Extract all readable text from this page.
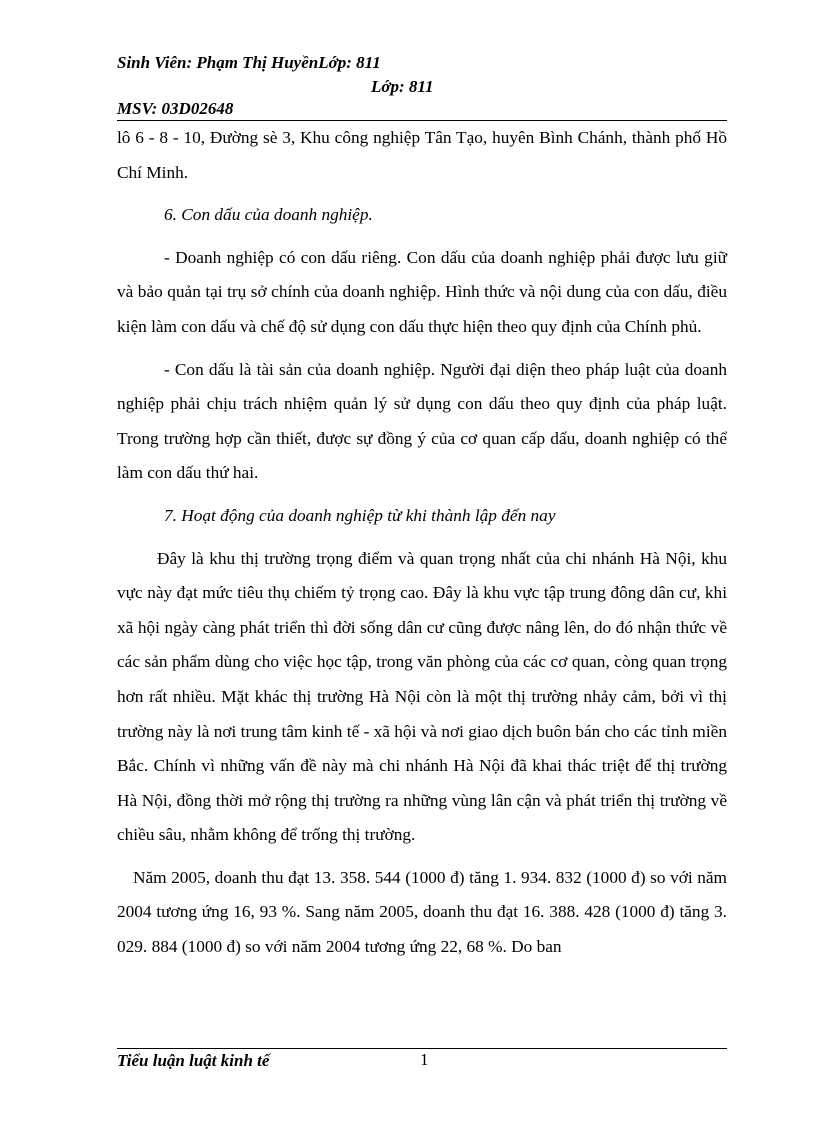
Sinh Viên: Phạm Thị HuyềnLớp: 811
Lớp: 811
MSV: 03D02648

lô 6 - 8 - 10, Đường sè 3, Khu công nghiệp Tân Tạo, huyên Bình Chánh, thành phố Hồ Chí Minh.

6. Con dấu của doanh nghiệp.

- Doanh nghiệp có con dấu riêng. Con dấu của doanh nghiệp phải được lưu giữ và bảo quản tại trụ sở chính của doanh nghiệp. Hình thức và nội dung của con dấu, điều kiện làm con dấu và chế độ sử dụng con dấu thực hiện theo quy định của Chính phủ.

- Con dấu là tài sản của doanh nghiệp. Người đại diện theo pháp luật của doanh nghiệp phải chịu trách nhiệm quản lý sử dụng con dấu theo quy định của pháp luật. Trong trường hợp cần thiết, được sự đồng ý của cơ quan cấp dấu, doanh nghiệp có thể làm con dấu thứ hai.

7. Hoạt động của doanh nghiệp từ khi thành lập đến nay

Đây là khu thị trường trọng điểm và quan trọng nhất của chi nhánh Hà Nội, khu vực này đạt mức tiêu thụ chiếm tỷ trọng cao. Đây là khu vực tập trung đông dân cư, khi xã hội ngày càng phát triển thì đời sống dân cư cũng được nâng lên, do đó nhận thức về các sản phẩm dùng cho việc học tập, trong văn phòng của các cơ quan, còng quan trọng hơn rất nhiều. Mặt khác thị trường Hà Nội còn là một thị trường nhảy cảm, bởi vì thị trường này là nơi trung tâm kinh tế - xã hội và nơi giao dịch buôn bán cho các tỉnh miền Bắc. Chính vì những vấn đề này mà chi nhánh Hà Nội đã khai thác triệt để thị trường Hà Nội, đồng thời mở rộng thị trường ra những vùng lân cận và phát triển thị trường về chiều sâu, nhằm không để trống thị trường.

Năm 2005, doanh thu đạt 13. 358. 544 (1000 đ) tăng 1. 934. 832 (1000 đ) so với năm 2004 tương ứng 16, 93 %. Sang năm 2005, doanh thu đạt 16. 388. 428 (1000 đ) tăng 3. 029. 884 (1000 đ) so với năm 2004 tương ứng 22, 68 %. Do ban

Tiểu luận luật kinh tế	1
